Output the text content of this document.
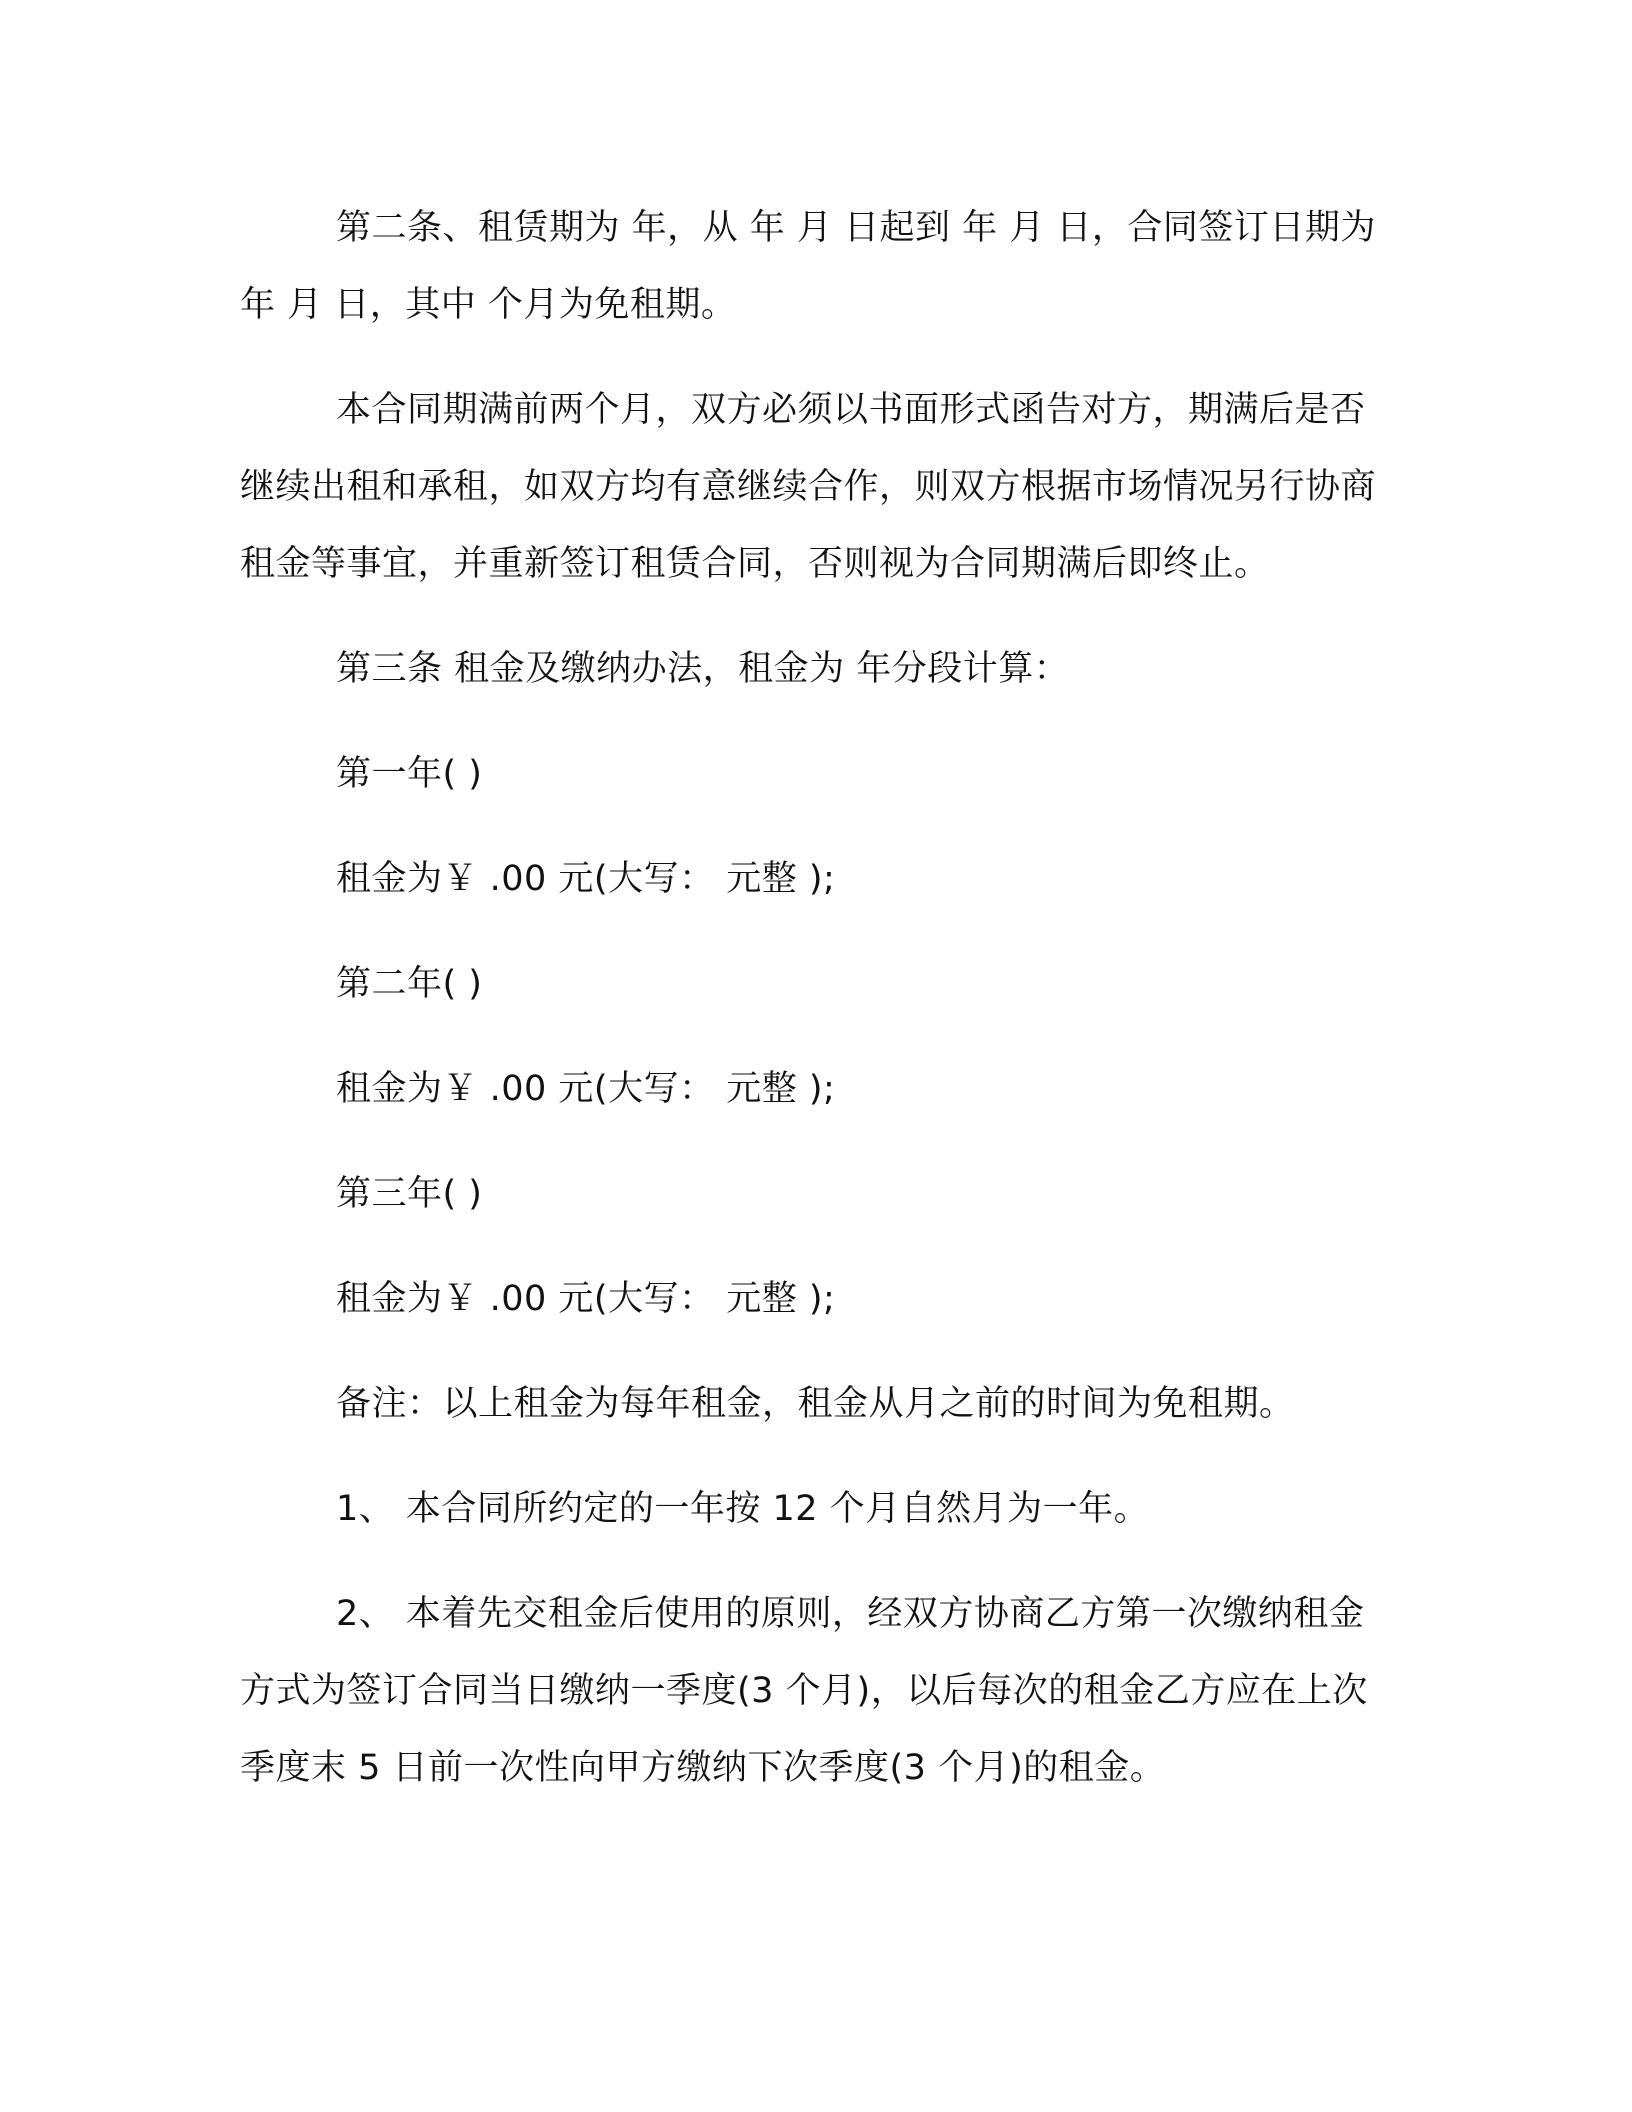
第二条、租赁期为 年，从 年 月 日起到 年 月 日，合同签订日期为 年 月 日，其中 个月为免租期。

本合同期满前两个月，双方必须以书面形式函告对方，期满后是否继续出租和承租，如双方均有意继续合作，则双方根据市场情况另行协商租金等事宜，并重新签订租赁合同，否则视为合同期满后即终止。

第三条 租金及缴纳办法，租金为 年分段计算：

第一年( )

租金为￥ .00 元(大写： 元整 );

第二年( )

租金为￥ .00 元(大写： 元整 );

第三年( )

租金为￥ .00 元(大写： 元整 );

备注：以上租金为每年租金，租金从月之前的时间为免租期。

1、 本合同所约定的一年按 12 个月自然月为一年。

2、 本着先交租金后使用的原则，经双方协商乙方第一次缴纳租金方式为签订合同当日缴纳一季度(3 个月)，以后每次的租金乙方应在上次季度末 5 日前一次性向甲方缴纳下次季度(3 个月)的租金。
